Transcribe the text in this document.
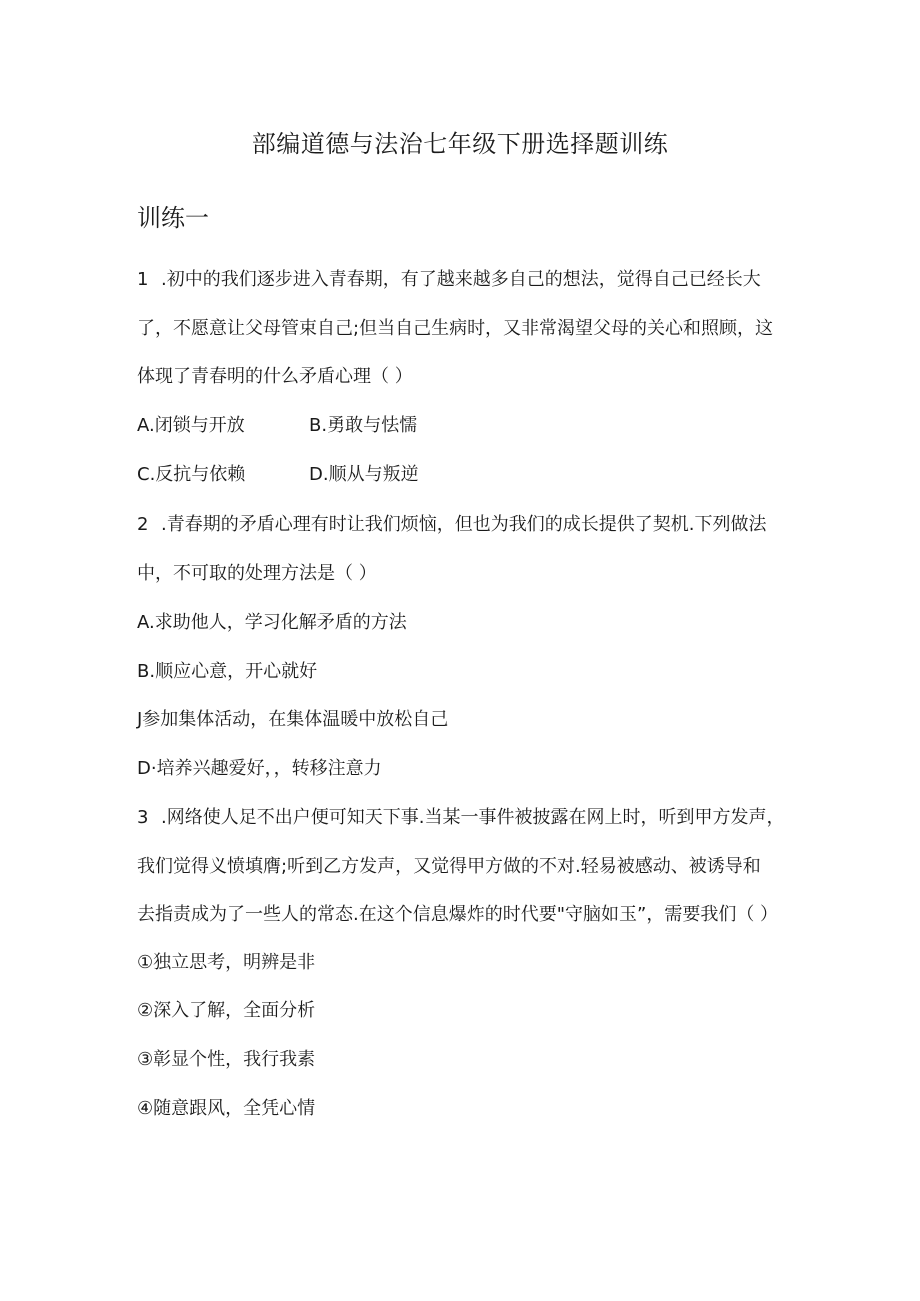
部编道德与法治七年级下册选择题训练
训练一
1 .初中的我们逐步进入青春期，有了越来越多自己的想法，觉得自己已经长大
了，不愿意让父母管束自己;但当自己生病时，又非常渴望父母的关心和照顾，这
体现了青春明的什么矛盾心理（ ）
A.闭锁与开放	B.勇敢与怯懦
C.反抗与依赖	D.顺从与叛逆
2 .青春期的矛盾心理有时让我们烦恼，但也为我们的成长提供了契机.下列做法
中，不可取的处理方法是（ ）
A.求助他人，学习化解矛盾的方法
B.顺应心意，开心就好
J参加集体活动，在集体温暖中放松自己
D·培养兴趣爱好，，转移注意力
3 .网络使人足不出户便可知天下事.当某一事件被披露在网上时，听到甲方发声，
我们觉得义愤填膺;听到乙方发声，又觉得甲方做的不对.轻易被感动、被诱导和
去指责成为了一些人的常态.在这个信息爆炸的时代要"守脑如玉”，需要我们（ ）
①独立思考，明辨是非
②深入了解，全面分析
③彰显个性，我行我素
④随意跟风，全凭心情
